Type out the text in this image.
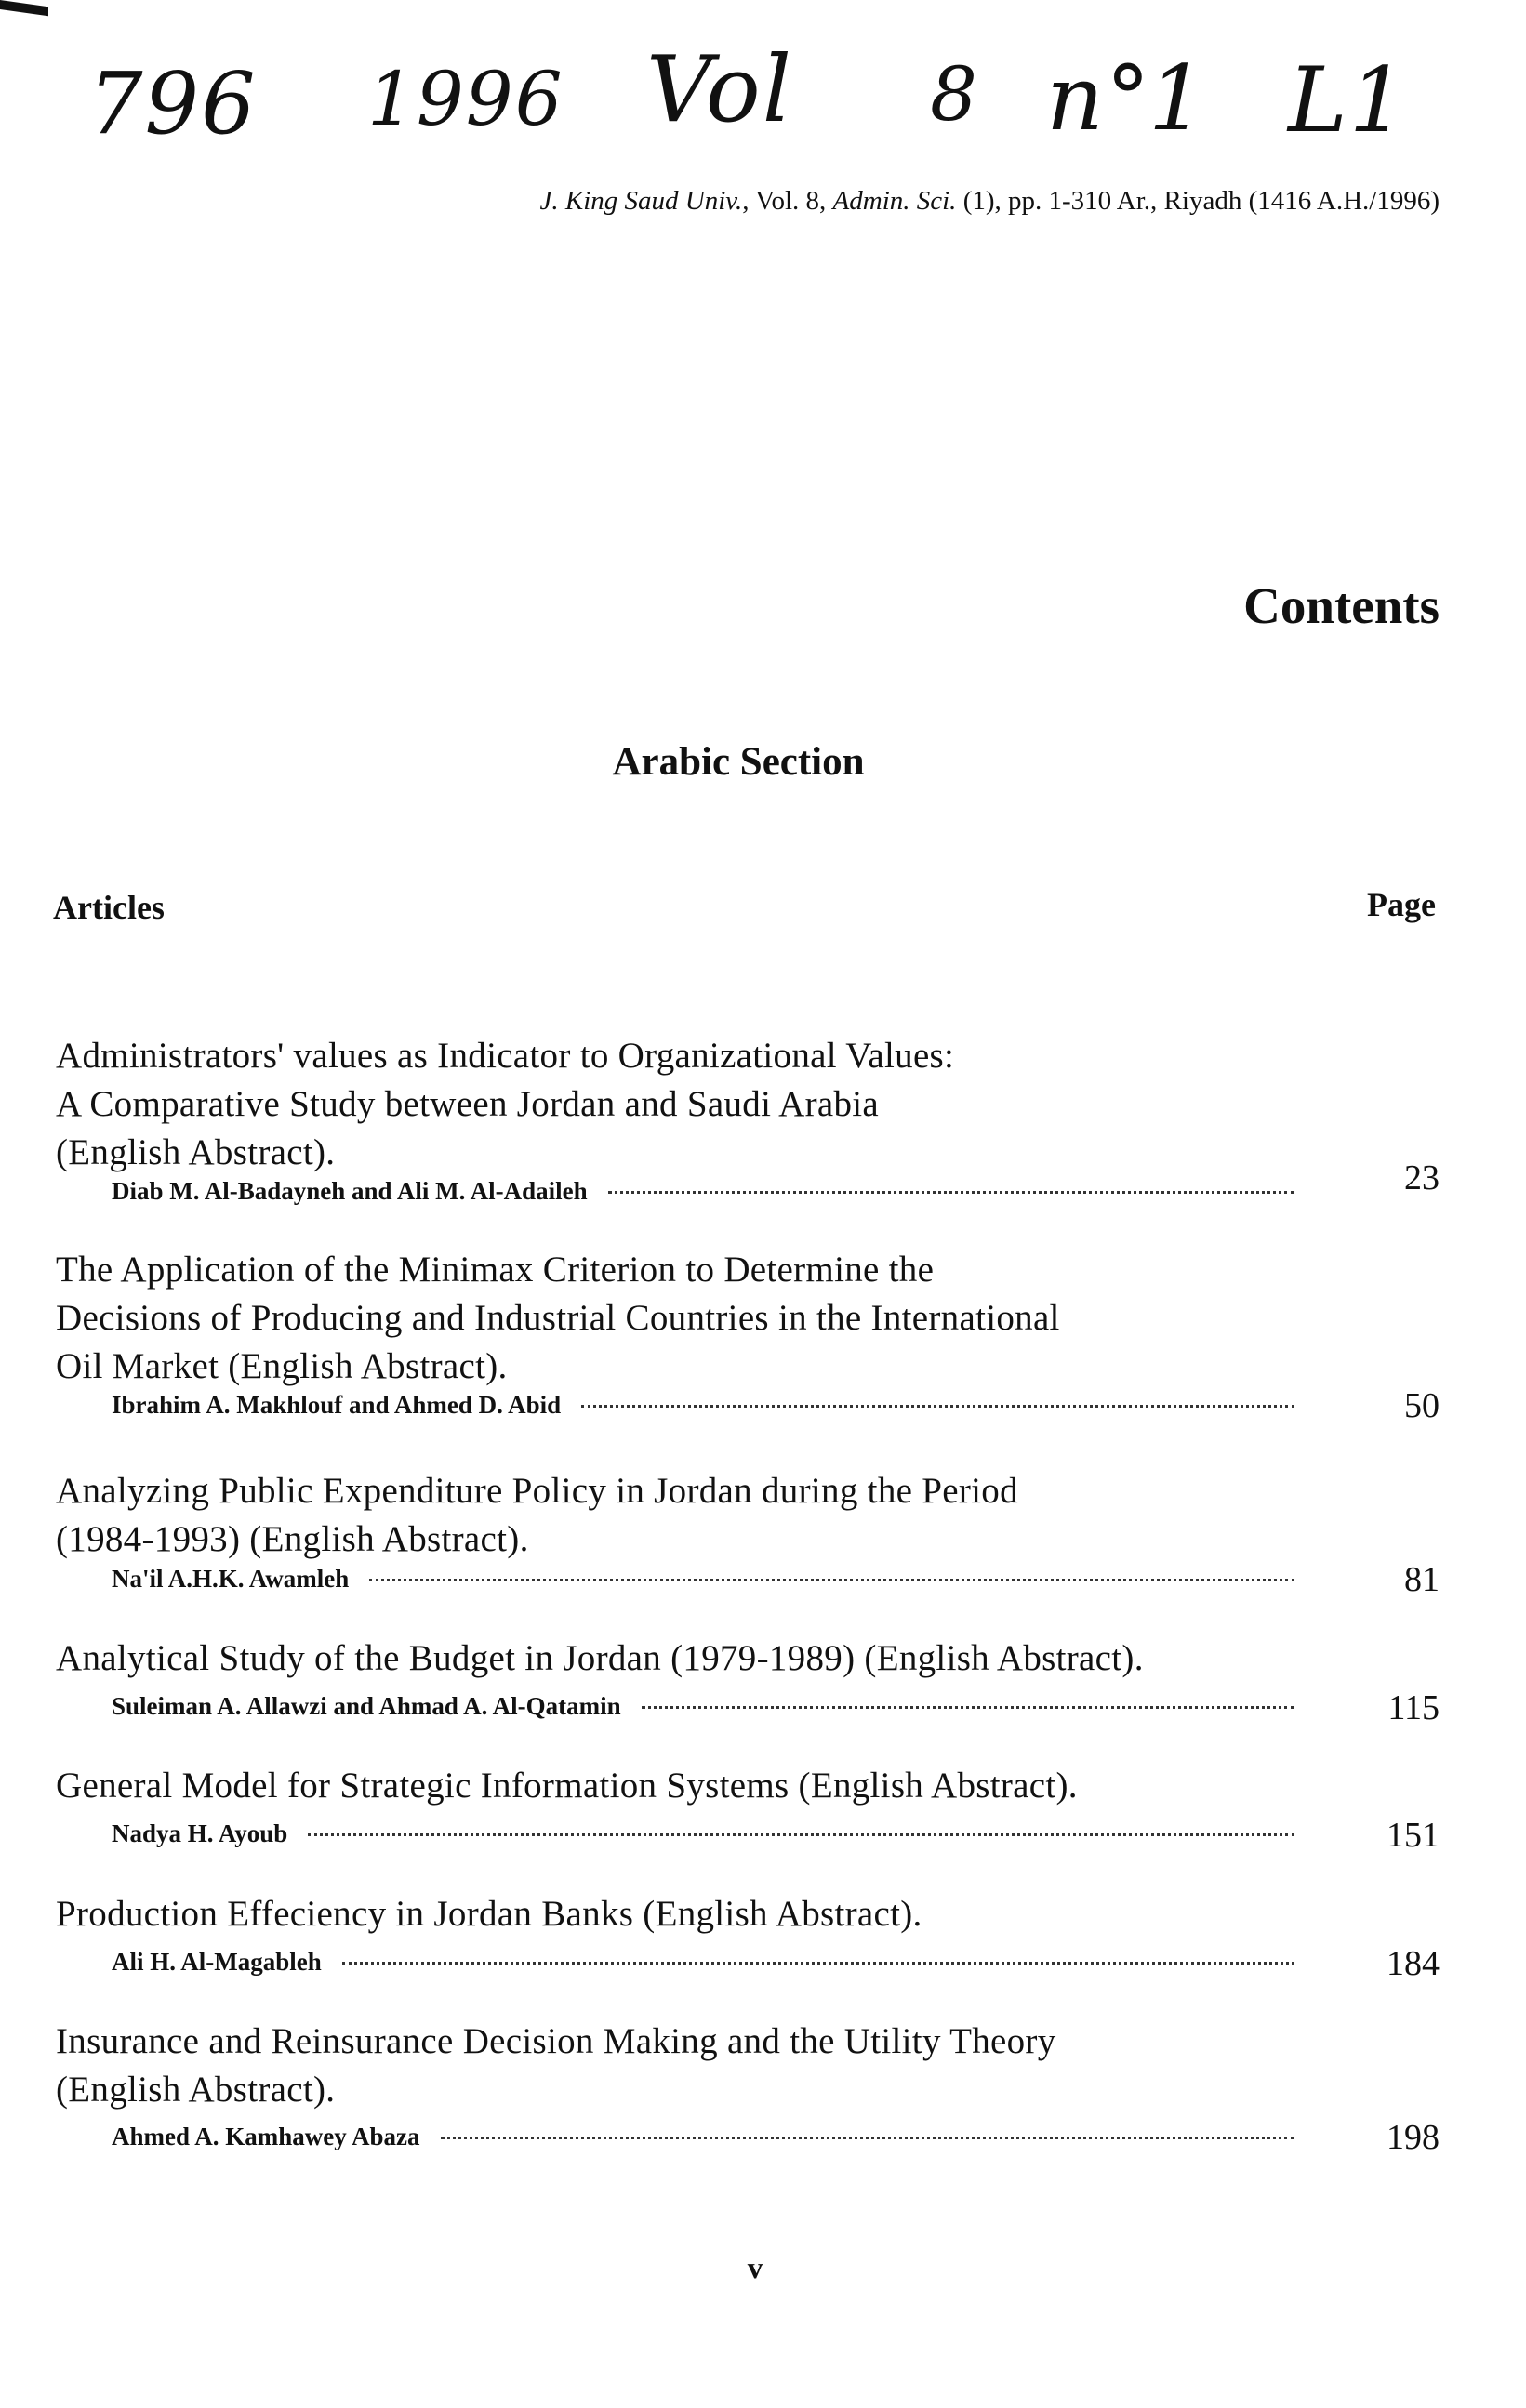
796 1996 Vol 8 n°
1 L1
J. King Saud Univ., Vol. 8, Admin. Sci. (1), pp. 1-310 Ar., Riyadh (1416 A.H./1996)
Contents
Arabic Section
Articles	Page
Administrators' values as Indicator to Organizational Values:
A Comparative Study between Jordan and Saudi Arabia
(English Abstract).
Diab M. Al-Badayneh and Ali M. Al-Adaileh	23
The Application of the Minimax Criterion to Determine the
Decisions of Producing and Industrial Countries in the International
Oil Market (English Abstract).
Ibrahim A. Makhlouf and Ahmed D. Abid	50
Analyzing Public Expenditure Policy in Jordan during the Period
(1984-1993) (English Abstract).
Na'il A.H.K. Awamleh	81
Analytical Study of the Budget in Jordan (1979-1989) (English Abstract).
Suleiman A. Allawzi and Ahmad A. Al-Qatamin	115
General Model for Strategic Information Systems (English Abstract).
Nadya H. Ayoub	151
Production Effeciency in Jordan Banks (English Abstract).
Ali H. Al-Magableh	184
Insurance and Reinsurance Decision Making and the Utility Theory
(English Abstract).
Ahmed A. Kamhawey Abaza	198
v
